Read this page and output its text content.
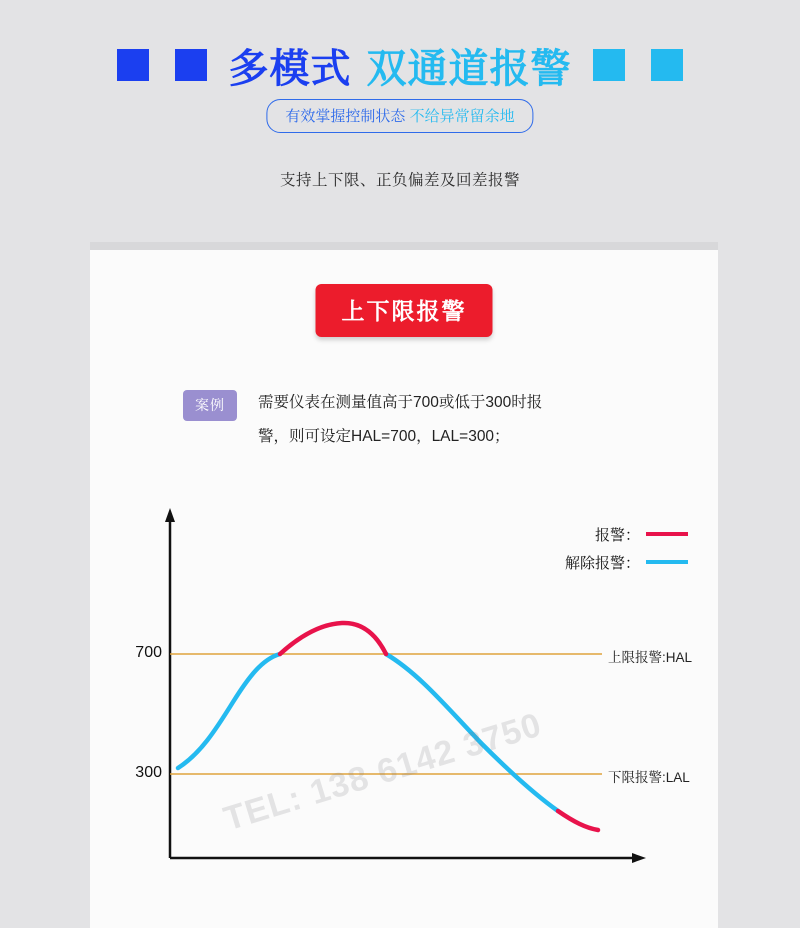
多模式 双通道报警
有效掌握控制状态 不给异常留余地
支持上下限、正负偏差及回差报警
上下限报警
案例	需要仪表在测量值高于700或低于300时报
警，则可设定HAL=700，LAL=300；
报警：
解除报警：
700
300
上限报警:HAL
下限报警:LAL
TEL: 138 6142 3750
